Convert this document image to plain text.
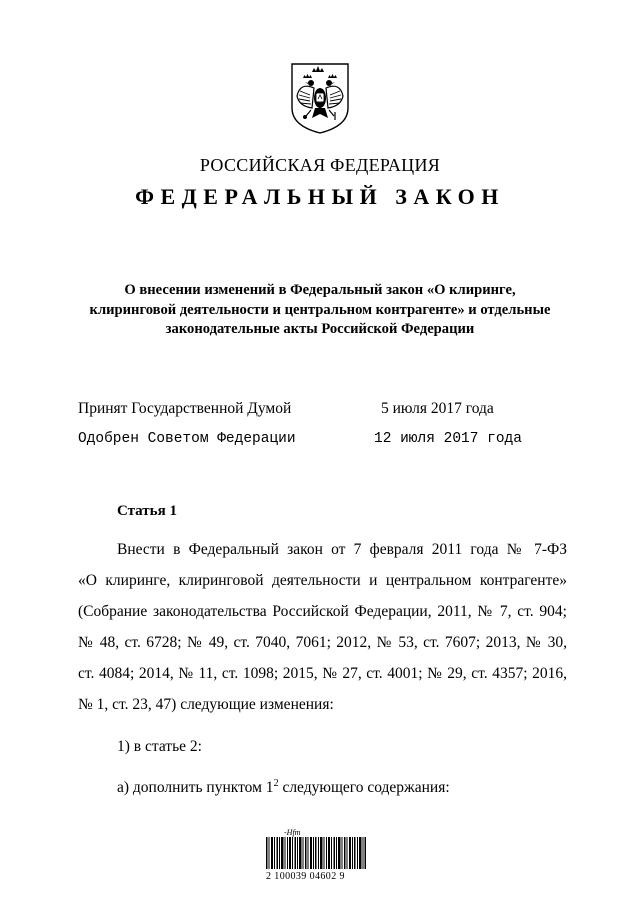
РОССИЙСКАЯ ФЕДЕРАЦИЯ
ФЕДЕРАЛЬНЫЙ ЗАКОН
О внесении изменений в Федеральный закон «О клиринге,
клиринговой деятельности и центральном контрагенте» и отдельные
законодательные акты Российской Федерации
Принят Государственной Думой	5 июля 2017 года
Одобрен Советом Федерации	12 июля 2017 года
Статья 1
Внести в Федеральный закон от 7 февраля 2011 года № 7-ФЗ
«О клиринге, клиринговой деятельности и центральном контрагенте»
(Собрание законодательства Российской Федерации, 2011, № 7, ст. 904;
№ 48, ст. 6728; № 49, ст. 7040, 7061; 2012, № 53, ст. 7607; 2013, № 30,
ст. 4084; 2014, № 11, ст. 1098; 2015, № 27, ст. 4001; № 29, ст. 4357; 2016,
№ 1, ст. 23, 47) следующие изменения:
1) в статье 2:
а) дополнить пунктом $1^2$ следующего содержания:
-Hfm
2 100039 04602 9
